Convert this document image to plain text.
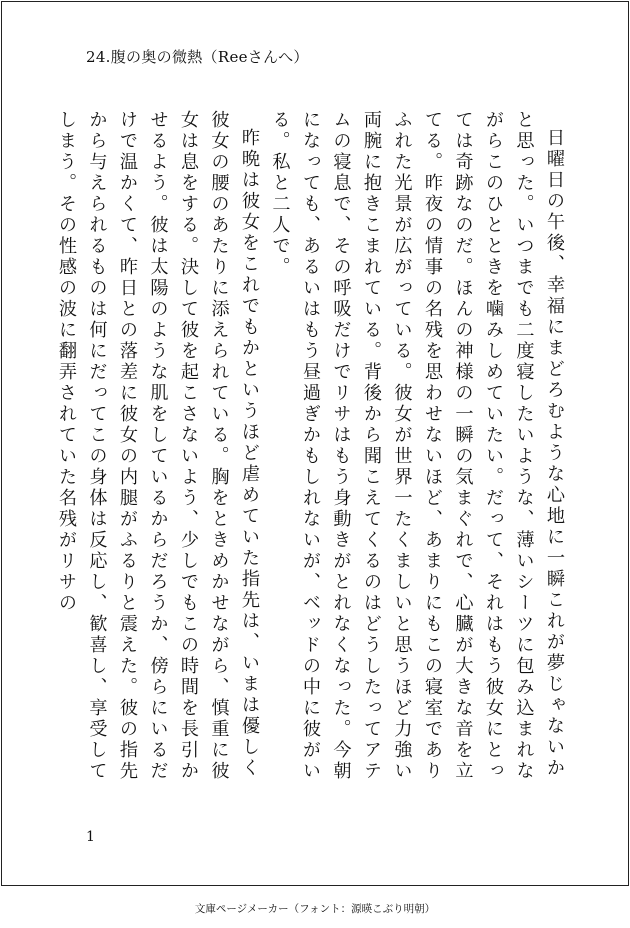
24.腹の奥の微熱（Reeさんへ）

日曜日の午後、幸福にまどろむような心地に一瞬これが夢じゃないかと思った。いつまでも二度寝したいような、薄いシーツに包み込まれながらこのひとときを噛みしめていたい。だって、それはもう彼女にとっては奇跡なのだ。ほんの神様の一瞬の気まぐれで、心臓が大きな音を立てる。昨夜の情事の名残を思わせないほど、あまりにもこの寝室でありふれた光景が広がっている。彼女が世界一たくましいと思うほど力強い両腕に抱きこまれている。背後から聞こえてくるのはどうしたってアテムの寝息で、その呼吸だけでリサはもう身動きがとれなくなった。今朝になっても、あるいはもう昼過ぎかもしれないが、ベッドの中に彼がいる。私と二人で。

昨晩は彼女をこれでもかというほど虐めていた指先は、いまは優しく彼女の腰のあたりに添えられている。胸をときめかせながら、慎重に彼女は息をする。決して彼を起こさないよう、少しでもこの時間を長引かせるよう。彼は太陽のような肌をしているからだろうか、傍らにいるだけで温かくて、昨日との落差に彼女の内腿がふるりと震えた。彼の指先から与えられるものは何にだってこの身体は反応し、歓喜し、享受してしまう。その性感の波に翻弄されていた名残がリサの

1
文庫ページメーカー（フォント：源暎こぶり明朝）
